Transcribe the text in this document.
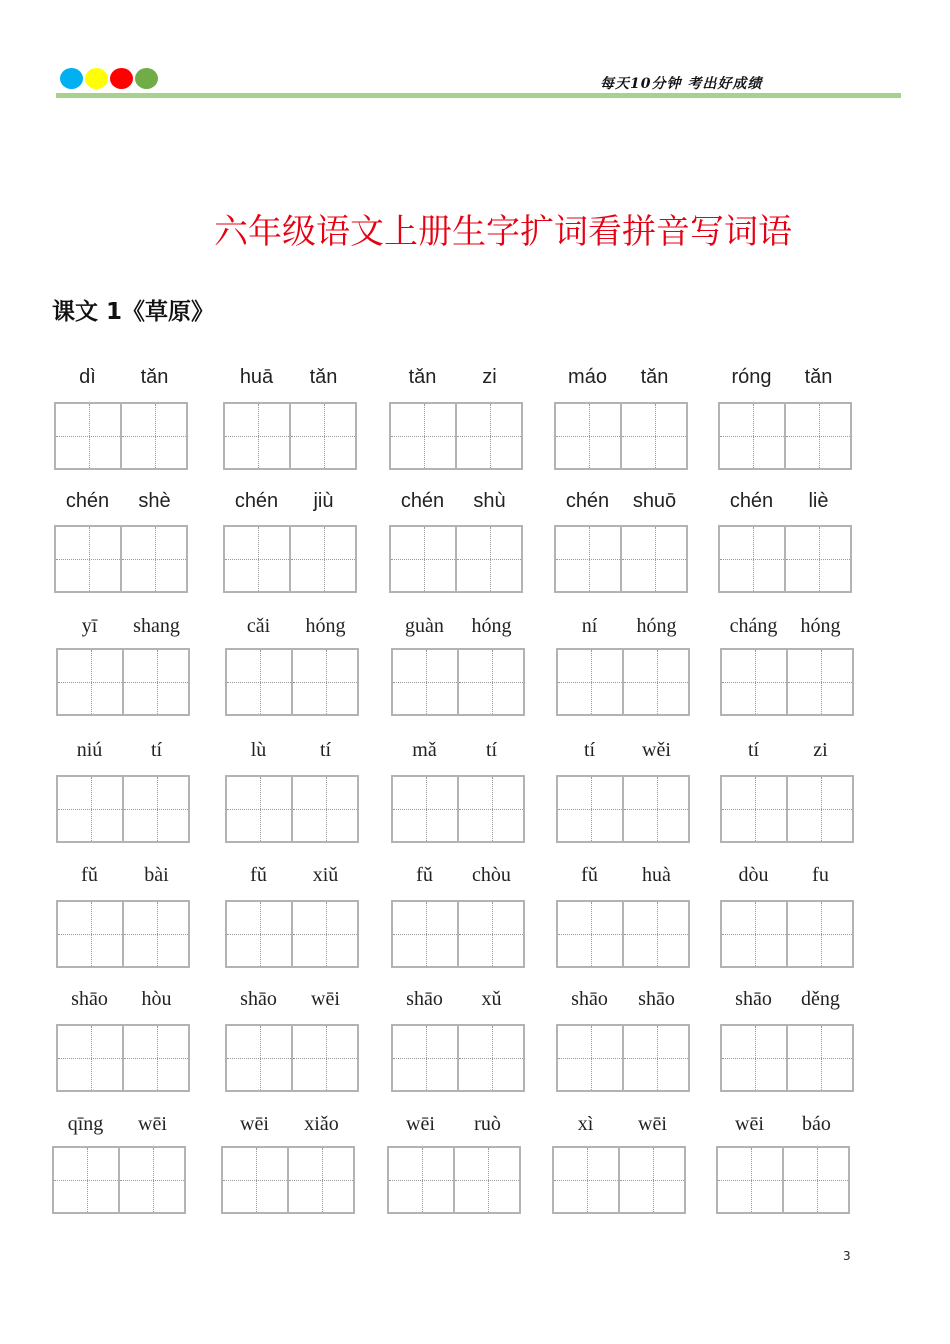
每天10分钟 考出好成绩
六年级语文上册生字扩词看拼音写词语
课文 1《草原》
dì	tǎn	huā	tǎn	tǎn	zi	máo	tǎn	róng	tǎn
chén	shè	chén	jiù	chén	shù	chén	shuō	chén	liè
yī	shang	cǎi	hóng	guàn	hóng	ní	hóng	cháng	hóng
niú	tí	lù	tí	mǎ	tí	tí	wěi	tí	zi
fǔ	bài	fǔ	xiǔ	fǔ	chòu	fǔ	huà	dòu	fu
shāo	hòu	shāo	wēi	shāo	xǔ	shāo	shāo	shāo	děng
qīng	wēi	wēi	xiǎo	wēi	ruò	xì	wēi	wēi	báo
3
